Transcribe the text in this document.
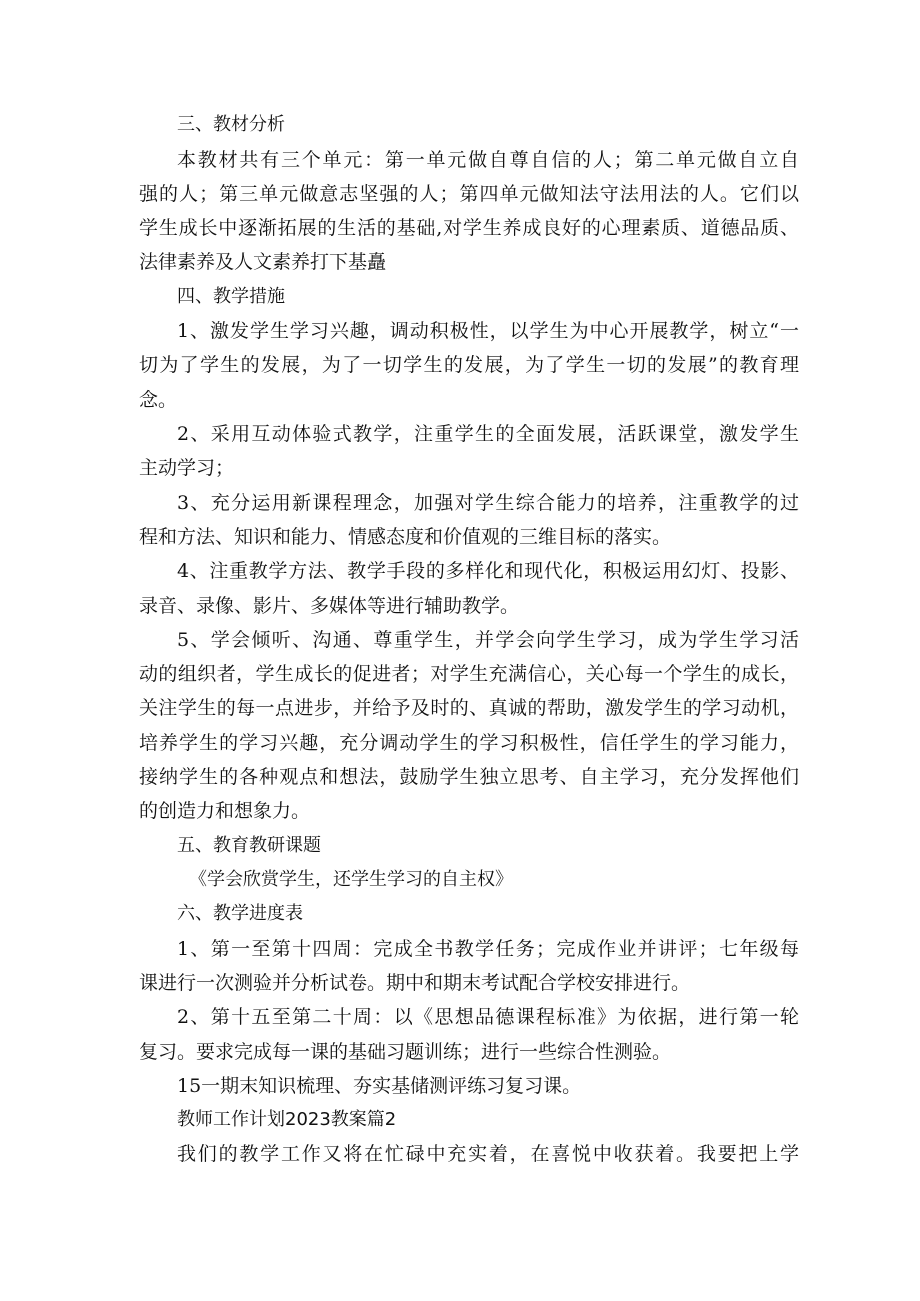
三、教材分析
本教材共有三个单元：第一单元做自尊自信的人；第二单元做自立自
强的人；第三单元做意志坚强的人；第四单元做知法守法用法的人。它们以
学生成长中逐渐拓展的生活的基础,对学生养成良好的心理素质、道德品质、
法律素养及人文素养打下基矗
四、教学措施
1、激发学生学习兴趣，调动积极性，以学生为中心开展教学，树立“一
切为了学生的发展，为了一切学生的发展，为了学生一切的发展”的教育理
念。
2、采用互动体验式教学，注重学生的全面发展，活跃课堂，激发学生
主动学习；
3、充分运用新课程理念，加强对学生综合能力的培养，注重教学的过
程和方法、知识和能力、情感态度和价值观的三维目标的落实。
4、注重教学方法、教学手段的多样化和现代化，积极运用幻灯、投影、
录音、录像、影片、多媒体等进行辅助教学。
5、学会倾听、沟通、尊重学生，并学会向学生学习，成为学生学习活
动的组织者，学生成长的促进者；对学生充满信心，关心每一个学生的成长，
关注学生的每一点进步，并给予及时的、真诚的帮助，激发学生的学习动机，
培养学生的学习兴趣，充分调动学生的学习积极性，信任学生的学习能力，
接纳学生的各种观点和想法，鼓励学生独立思考、自主学习，充分发挥他们
的创造力和想象力。
五、教育教研课题
《学会欣赏学生，还学生学习的自主权》
六、教学进度表
1、第一至第十四周：完成全书教学任务；完成作业并讲评；七年级每
课进行一次测验并分析试卷。期中和期末考试配合学校安排进行。
2、第十五至第二十周：以《思想品德课程标准》为依据，进行第一轮
复习。要求完成每一课的基础习题训练；进行一些综合性测验。
15一期末知识梳理、夯实基储测评练习复习课。
教师工作计划2023教案篇2
我们的教学工作又将在忙碌中充实着，在喜悦中收获着。我要把上学
